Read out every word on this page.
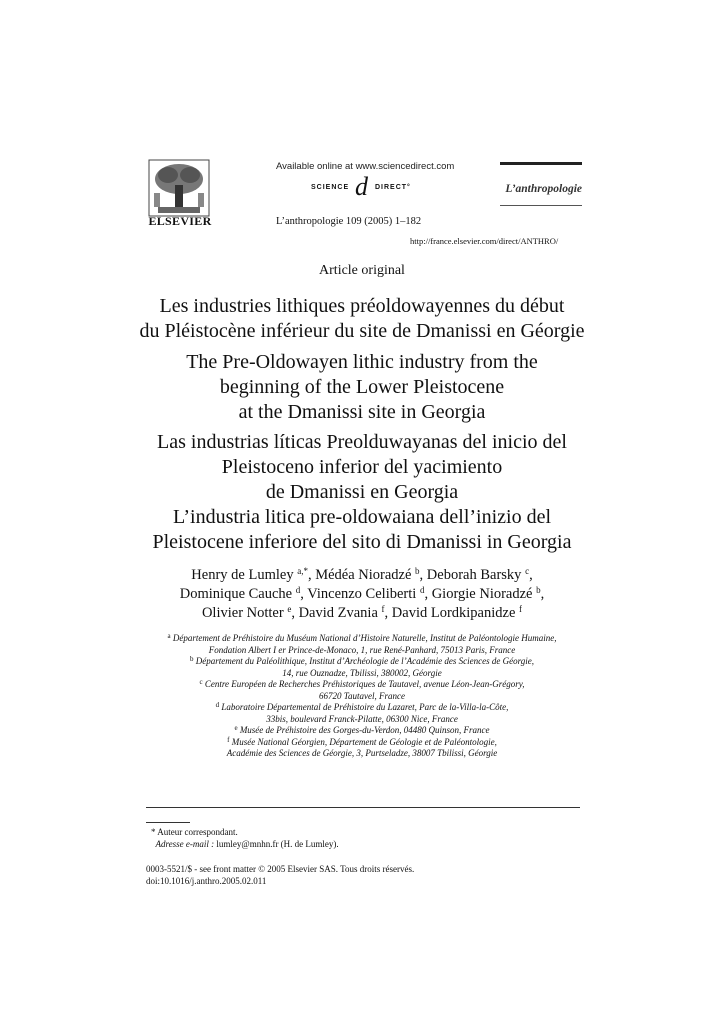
ELSEVIER
Available online at www.sciencedirect.com
SCIENCE d DIRECT°
L’anthropologie 109 (2005) 1–182
http://france.elsevier.com/direct/ANTHRO/
L’anthropologie
Article original
Les industries lithiques préoldowayennes du début
du Pléistocène inférieur du site de Dmanissi en Géorgie
The Pre-Oldowayen lithic industry from the
beginning of the Lower Pleistocene
at the Dmanissi site in Georgia
Las industrias líticas Preolduwayanas del inicio del
Pleistoceno inferior del yacimiento
de Dmanissi en Georgia
L’industria litica pre-oldowaiana dell’inizio del
Pleistocene inferiore del sito di Dmanissi in Georgia
Henry de Lumley $^{a,*}$, Médéa Nioradzé $^b$, Deborah Barsky $^c$,
Dominique Cauche $^d$, Vincenzo Celiberti $^d$, Giorgie Nioradzé $^b$,
Olivier Notter $^e$, David Zvania $^f$, David Lordkipanidze $^f$
$^a$ Département de Préhistoire du Muséum National d’Histoire Naturelle, Institut de Paléontologie Humaine,
Fondation Albert I er Prince-de-Monaco, 1, rue René-Panhard, 75013 Paris, France
$^b$ Département du Paléolithique, Institut d’Archéologie de l’Académie des Sciences de Géorgie,
14, rue Ouznadze, Tbilissi, 380002, Géorgie
$^c$ Centre Européen de Recherches Préhistoriques de Tautavel, avenue Léon-Jean-Grégory,
66720 Tautavel, France
$^d$ Laboratoire Départemental de Préhistoire du Lazaret, Parc de la-Villa-la-Côte,
33bis, boulevard Franck-Pilatte, 06300 Nice, France
$^e$ Musée de Préhistoire des Gorges-du-Verdon, 04480 Quinson, France
$^f$ Musée National Géorgien, Département de Géologie et de Paléontologie,
Académie des Sciences de Géorgie, 3, Purtseladze, 38007 Tbilissi, Géorgie
* Auteur correspondant.
Adresse e-mail : lumley@mnhn.fr (H. de Lumley).
0003-5521/$ - see front matter © 2005 Elsevier SAS. Tous droits réservés.
doi:10.1016/j.anthro.2005.02.011
